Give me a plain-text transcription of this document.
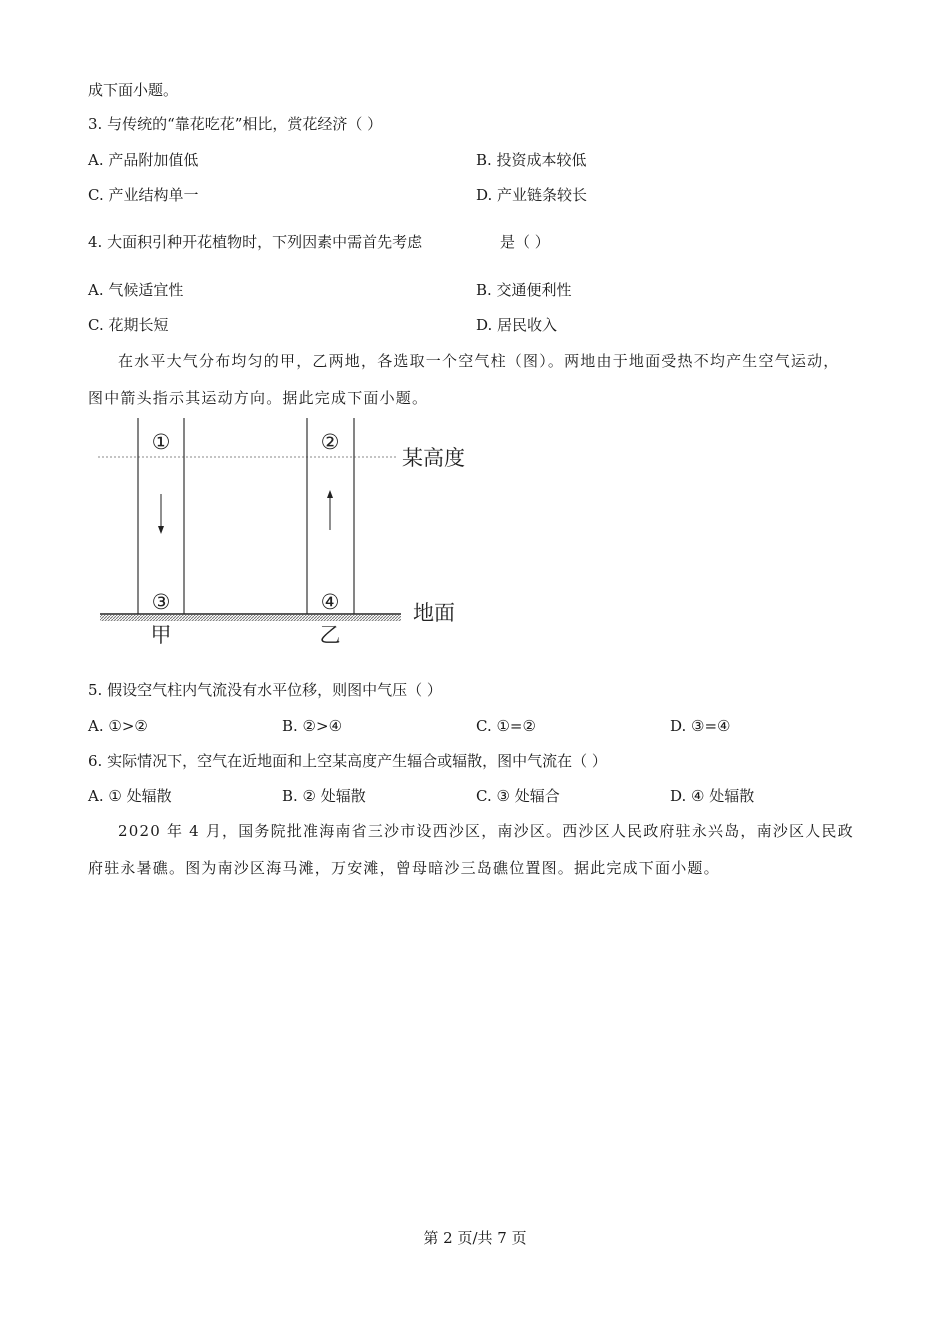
成下面小题。
3. 与传统的“靠花吃花”相比，赏花经济（ ）
A. 产品附加值低	B. 投资成本较低
C. 产业结构单一	D. 产业链条较长
4. 大面积引种开花植物时，下列因素中需首先考虑	是（ ）
A. 气候适宜性	B. 交通便利性
C. 花期长短	D. 居民收入
在水平大气分布均匀的甲，乙两地，各选取一个空气柱（图）。两地由于地面受热不均产生空气运动，
图中箭头指示其运动方向。据此完成下面小题。
①	②
③	④
某高度
地面
甲	乙
5. 假设空气柱内气流没有水平位移，则图中气压（ ）
A. ①>②	B. ②>④	C. ①=②	D. ③=④
6. 实际情况下，空气在近地面和上空某高度产生辐合或辐散，图中气流在（ ）
A. ① 处辐散	B. ② 处辐散	C. ③ 处辐合	D. ④ 处辐散
2020 年 4 月，国务院批准海南省三沙市设西沙区，南沙区。西沙区人民政府驻永兴岛，南沙区人民政
府驻永暑礁。图为南沙区海马滩，万安滩，曾母暗沙三岛礁位置图。据此完成下面小题。
第 2 页/共 7 页
